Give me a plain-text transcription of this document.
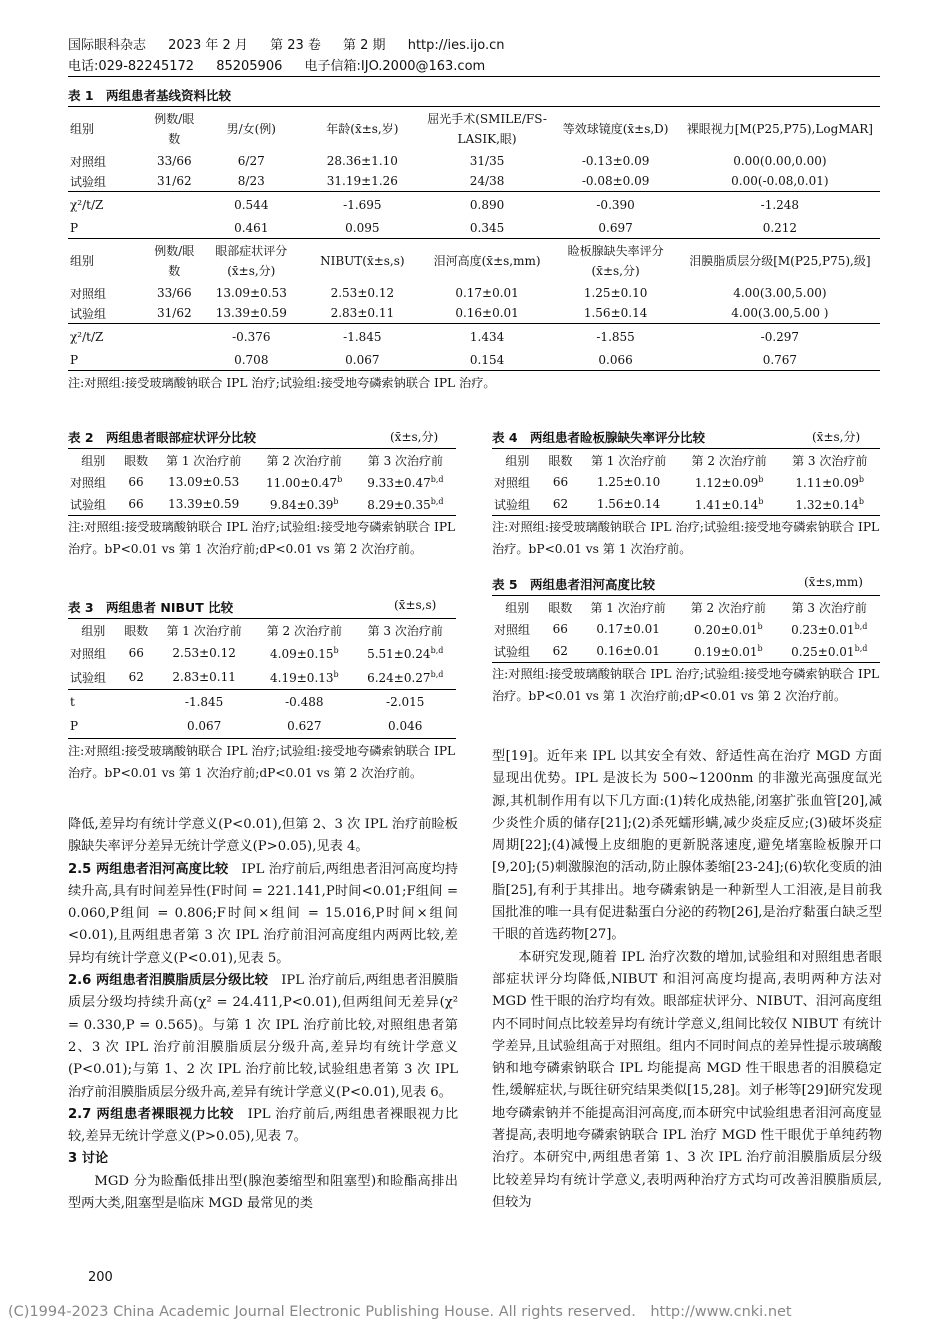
国际眼科杂志 2023 年 2 月 第 23 卷 第 2 期 http://ies.ijo.cn
电话:029-82245172 85205906 电子信箱:IJO.2000@163.com
表 1　两组患者基线资料比较
组别	例数/眼数	男/女(例)	年龄(x̄±s,岁)	屈光手术(SMILE/FS-LASIK,眼)	等效球镜度(x̄±s,D)	裸眼视力[M(P25,P75),LogMAR]
对照组	33/66	6/27	28.36±1.10	31/35	-0.13±0.09	0.00(0.00,0.00)
试验组	31/62	8/23	31.19±1.26	24/38	-0.08±0.09	0.00(-0.08,0.01)
χ²/t/Z		0.544	-1.695	0.890	-0.390	-1.248
P		0.461	0.095	0.345	0.697	0.212
组别	例数/眼数	眼部症状评分(x̄±s,分)	NIBUT(x̄±s,s)	泪河高度(x̄±s,mm)	睑板腺缺失率评分(x̄±s,分)	泪膜脂质层分级[M(P25,P75),级]
对照组	33/66	13.09±0.53	2.53±0.12	0.17±0.01	1.25±0.10	4.00(3.00,5.00)
试验组	31/62	13.39±0.59	2.83±0.11	0.16±0.01	1.56±0.14	4.00(3.00,5.00 )
χ²/t/Z		-0.376	-1.845	1.434	-1.855	-0.297
P		0.708	0.067	0.154	0.066	0.767
注:对照组:接受玻璃酸钠联合 IPL 治疗;试验组:接受地夸磷索钠联合 IPL 治疗。
表 2　两组患者眼部症状评分比较	(x̄±s,分)
组别	眼数	第 1 次治疗前	第 2 次治疗前	第 3 次治疗前
对照组	66	13.09±0.53	11.00±0.47$^b$	$9.33\pm 0.47^{b,d}$
试验组	66	13.39±0.59	9.84±0.39$^b$	$8.29\pm 0.35^{b,d}$
注:对照组:接受玻璃酸钠联合 IPL 治疗;试验组:接受地夸磷索钠联合 IPL 治疗。bP<0.01 vs 第 1 次治疗前;dP<0.01 vs 第 2 次治疗前。
表 3　两组患者 NIBUT 比较	(x̄±s,s)
组别	眼数	第 1 次治疗前	第 2 次治疗前	第 3 次治疗前
对照组	66	2.53±0.12	4.09±0.15$^b$	$5.51\pm 0.24^{b,d}$
试验组	62	2.83±0.11	4.19±0.13$^b$	$6.24\pm 0.27^{b,d}$
t		-1.845	-0.488	-2.015
P		0.067	0.627	0.046
注:对照组:接受玻璃酸钠联合 IPL 治疗;试验组:接受地夸磷索钠联合 IPL 治疗。bP<0.01 vs 第 1 次治疗前;dP<0.01 vs 第 2 次治疗前。
表 4　两组患者睑板腺缺失率评分比较	(x̄±s,分)
组别	眼数	第 1 次治疗前	第 2 次治疗前	第 3 次治疗前
对照组	66	1.25±0.10	1.12±0.09$^b$	1.11±0.09$^b$
试验组	62	1.56±0.14	1.41±0.14$^b$	1.32±0.14$^b$
注:对照组:接受玻璃酸钠联合 IPL 治疗;试验组:接受地夸磷索钠联合 IPL 治疗。bP<0.01 vs 第 1 次治疗前。
表 5　两组患者泪河高度比较	(x̄±s,mm)
组别	眼数	第 1 次治疗前	第 2 次治疗前	第 3 次治疗前
对照组	66	0.17±0.01	0.20±0.01$^b$	$0.23\pm 0.01^{b,d}$
试验组	62	0.16±0.01	0.19±0.01$^b$	$0.25\pm 0.01^{b,d}$
注:对照组:接受玻璃酸钠联合 IPL 治疗;试验组:接受地夸磷索钠联合 IPL 治疗。bP<0.01 vs 第 1 次治疗前;dP<0.01 vs 第 2 次治疗前。

降低,差异均有统计学意义(P<0.01),但第 2、3 次 IPL 治疗前睑板腺缺失率评分差异无统计学意义(P>0.05),见表 4。

2.5 两组患者泪河高度比较　 IPL 治疗前后,两组患者泪河高度均持续升高,具有时间差异性(F时间 = 221.141,P时间<0.01;F组间 = 0.060,P组间 = 0.806;F时间×组间 = 15.016,P时间×组间<0.01),且两组患者第 3 次 IPL 治疗前泪河高度组内两两比较,差异均有统计学意义(P<0.01),见表 5。

2.6 两组患者泪膜脂质层分级比较　 IPL 治疗前后,两组患者泪膜脂质层分级均持续升高(χ² = 24.411,P<0.01),但两组间无差异(χ² = 0.330,P = 0.565)。与第 1 次 IPL 治疗前比较,对照组患者第 2、3 次 IPL 治疗前泪膜脂质层分级升高,差异均有统计学意义(P<0.01);与第 1、2 次 IPL 治疗前比较,试验组患者第 3 次 IPL 治疗前泪膜脂质层分级升高,差异有统计学意义(P<0.01),见表 6。

2.7 两组患者裸眼视力比较　 IPL 治疗前后,两组患者裸眼视力比较,差异无统计学意义(P>0.05),见表 7。

3 讨论

MGD 分为睑酯低排出型(腺泡萎缩型和阻塞型)和睑酯高排出型两大类,阻塞型是临床 MGD 最常见的类

型[19]。近年来 IPL 以其安全有效、舒适性高在治疗 MGD 方面显现出优势。IPL 是波长为 500~1200nm 的非激光高强度氙光源,其机制作用有以下几方面:(1)转化成热能,闭塞扩张血管[20],减少炎性介质的储存[21];(2)杀死蠕形螨,减少炎症反应;(3)破坏炎症周期[22];(4)减慢上皮细胞的更新脱落速度,避免堵塞睑板腺开口[9,20];(5)刺激腺泡的活动,防止腺体萎缩[23-24];(6)软化变质的油脂[25],有利于其排出。地夸磷索钠是一种新型人工泪液,是目前我国批准的唯一具有促进黏蛋白分泌的药物[26],是治疗黏蛋白缺乏型干眼的首选药物[27]。

本研究发现,随着 IPL 治疗次数的增加,试验组和对照组患者眼部症状评分均降低,NIBUT 和泪河高度均提高,表明两种方法对 MGD 性干眼的治疗均有效。眼部症状评分、NIBUT、泪河高度组内不同时间点比较差异均有统计学意义,组间比较仅 NIBUT 有统计学差异,且试验组高于对照组。组内不同时间点的差异性提示玻璃酸钠和地夸磷索钠联合 IPL 均能提高 MGD 性干眼患者的泪膜稳定性,缓解症状,与既往研究结果类似[15,28]。刘子彬等[29]研究发现地夸磷索钠并不能提高泪河高度,而本研究中试验组患者泪河高度显著提高,表明地夸磷索钠联合 IPL 治疗 MGD 性干眼优于单纯药物治疗。本研究中,两组患者第 1、3 次 IPL 治疗前泪膜脂质层分级比较差异均有统计学意义,表明两种治疗方式均可改善泪膜脂质层,但较为

200
(C)1994-2023 China Academic Journal Electronic Publishing House. All rights reserved.　http://www.cnki.net
